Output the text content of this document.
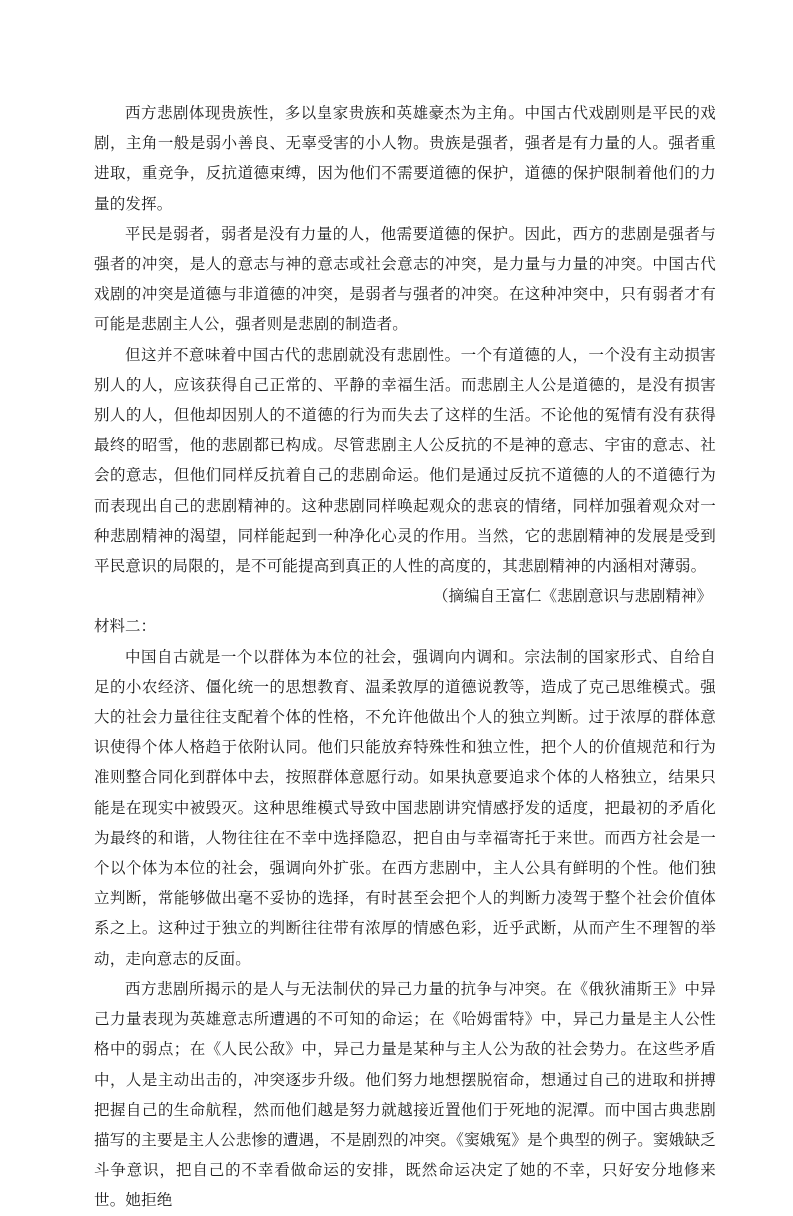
西方悲剧体现贵族性，多以皇家贵族和英雄豪杰为主角。中国古代戏剧则是平民的戏剧，主角一般是弱小善良、无辜受害的小人物。贵族是强者，强者是有力量的人。强者重进取，重竞争，反抗道德束缚，因为他们不需要道德的保护，道德的保护限制着他们的力量的发挥。

平民是弱者，弱者是没有力量的人，他需要道德的保护。因此，西方的悲剧是强者与强者的冲突，是人的意志与神的意志或社会意志的冲突，是力量与力量的冲突。中国古代戏剧的冲突是道德与非道德的冲突，是弱者与强者的冲突。在这种冲突中，只有弱者才有可能是悲剧主人公，强者则是悲剧的制造者。

但这并不意味着中国古代的悲剧就没有悲剧性。一个有道德的人，一个没有主动损害别人的人，应该获得自己正常的、平静的幸福生活。而悲剧主人公是道德的，是没有损害别人的人，但他却因别人的不道德的行为而失去了这样的生活。不论他的冤情有没有获得最终的昭雪，他的悲剧都已构成。尽管悲剧主人公反抗的不是神的意志、宇宙的意志、社会的意志，但他们同样反抗着自己的悲剧命运。他们是通过反抗不道德的人的不道德行为而表现出自己的悲剧精神的。这种悲剧同样唤起观众的悲哀的情绪，同样加强着观众对一种悲剧精神的渴望，同样能起到一种净化心灵的作用。当然，它的悲剧精神的发展是受到平民意识的局限的，是不可能提高到真正的人性的高度的，其悲剧精神的内涵相对薄弱。

（摘编自王富仁《悲剧意识与悲剧精神》

材料二：

中国自古就是一个以群体为本位的社会，强调向内调和。宗法制的国家形式、自给自足的小农经济、僵化统一的思想教育、温柔敦厚的道德说教等，造成了克己思维模式。强大的社会力量往往支配着个体的性格，不允许他做出个人的独立判断。过于浓厚的群体意识使得个体人格趋于依附认同。他们只能放弃特殊性和独立性，把个人的价值规范和行为准则整合同化到群体中去，按照群体意愿行动。如果执意要追求个体的人格独立，结果只能是在现实中被毁灭。这种思维模式导致中国悲剧讲究情感抒发的适度，把最初的矛盾化为最终的和谐，人物往往在不幸中选择隐忍，把自由与幸福寄托于来世。而西方社会是一个以个体为本位的社会，强调向外扩张。在西方悲剧中，主人公具有鲜明的个性。他们独立判断，常能够做出毫不妥协的选择，有时甚至会把个人的判断力凌驾于整个社会价值体系之上。这种过于独立的判断往往带有浓厚的情感色彩，近乎武断，从而产生不理智的举动，走向意志的反面。

西方悲剧所揭示的是人与无法制伏的异己力量的抗争与冲突。在《俄狄浦斯王》中异己力量表现为英雄意志所遭遇的不可知的命运；在《哈姆雷特》中，异己力量是主人公性格中的弱点；在《人民公敌》中，异己力量是某种与主人公为敌的社会势力。在这些矛盾中，人是主动出击的，冲突逐步升级。他们努力地想摆脱宿命，想通过自己的进取和拼搏把握自己的生命航程，然而他们越是努力就越接近置他们于死地的泥潭。而中国古典悲剧描写的主要是主人公悲惨的遭遇，不是剧烈的冲突。《窦娥冤》是个典型的例子。窦娥缺乏斗争意识，把自己的不幸看做命运的安排，既然命运决定了她的不幸，只好安分地修来世。她拒绝
